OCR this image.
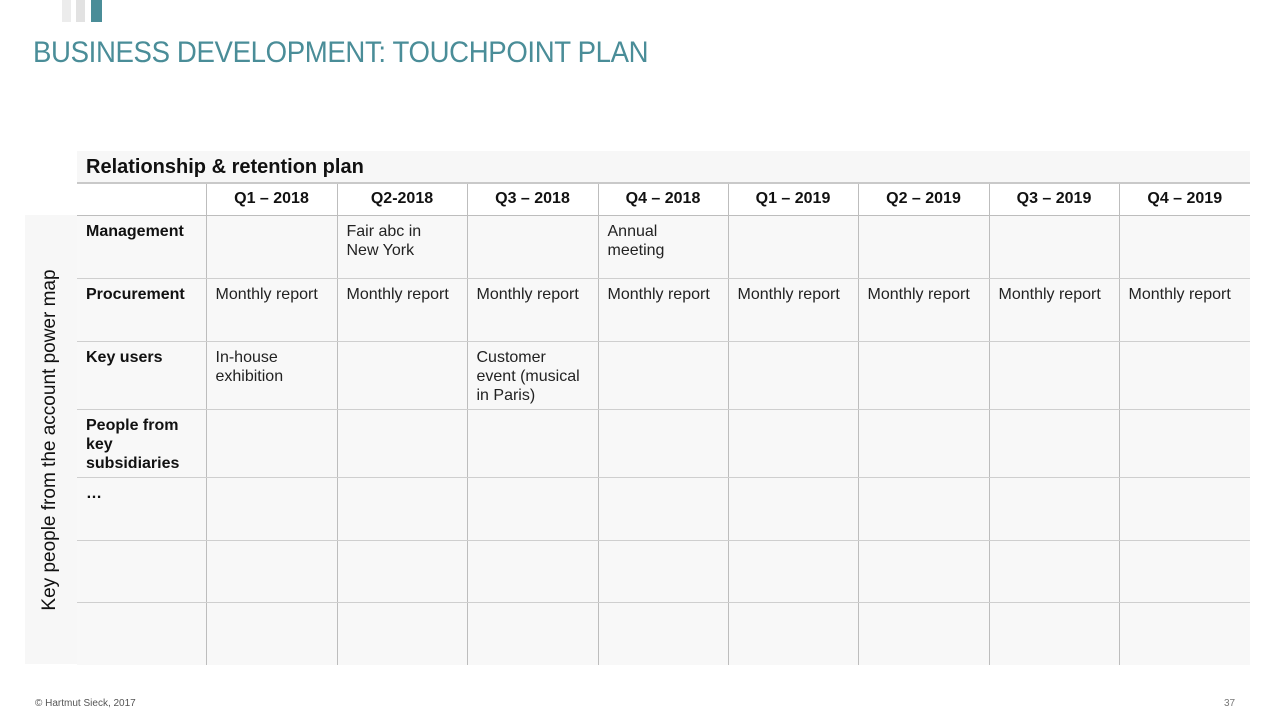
BUSINESS DEVELOPMENT: TOUCHPOINT PLAN
Key people from the account power map
Relationship & retention plan
	Q1 – 2018	Q2-2018	Q3 – 2018	Q4 – 2018	Q1 – 2019	Q2 – 2019	Q3 – 2019	Q4 – 2019

Management		Fair abc in New York		Annual meeting				

Procurement	Monthly report	Monthly report	Monthly report	Monthly report	Monthly report	Monthly report	Monthly report	Monthly report

Key users	In-house exhibition		Customer event (musical in Paris)					

People from key subsidiaries								

…								

© Hartmut Sieck, 2017	37
